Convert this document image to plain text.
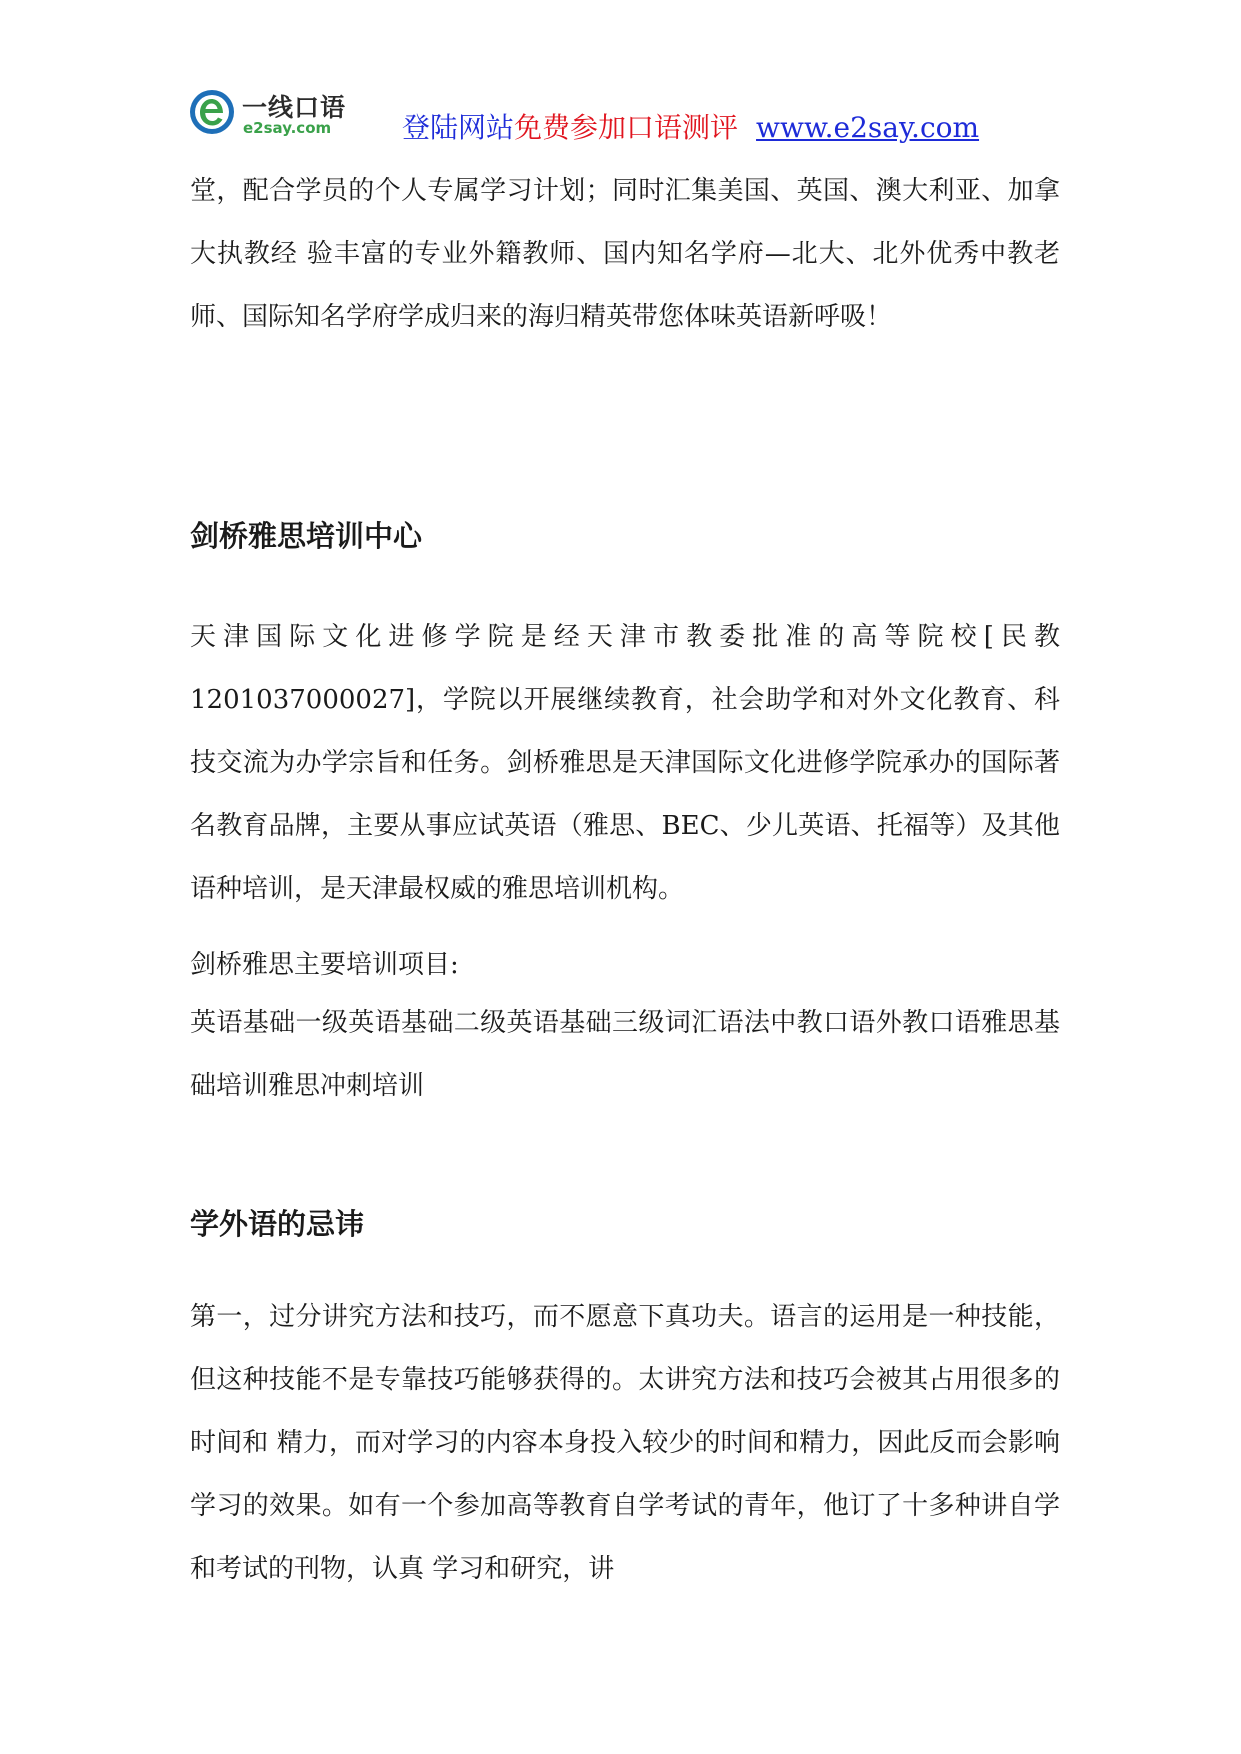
一线口语
e2say.com	登陆网站免费参加口语测评 www.e2say.com

堂，配合学员的个人专属学习计划；同时汇集美国、英国、澳大利亚、加拿大执教经 验丰富的专业外籍教师、国内知名学府—北大、北外优秀中教老师、国际知名学府学成归来的海归精英带您体味英语新呼吸！

剑桥雅思培训中心

天津国际文化进修学院是经天津市教委批准的高等院校[民教1201037000027]，学院以开展继续教育，社会助学和对外文化教育、科技交流为办学宗旨和任务。剑桥雅思是天津国际文化进修学院承办的国际著名教育品牌，主要从事应试英语（雅思、BEC、少儿英语、托福等）及其他语种培训，是天津最权威的雅思培训机构。

剑桥雅思主要培训项目:

英语基础一级英语基础二级英语基础三级词汇语法中教口语外教口语雅思基础培训雅思冲刺培训

学外语的忌讳

第一，过分讲究方法和技巧，而不愿意下真功夫。语言的运用是一种技能，但这种技能不是专靠技巧能够获得的。太讲究方法和技巧会被其占用很多的时间和 精力，而对学习的内容本身投入较少的时间和精力，因此反而会影响学习的效果。如有一个参加高等教育自学考试的青年，他订了十多种讲自学和考试的刊物，认真 学习和研究，讲
